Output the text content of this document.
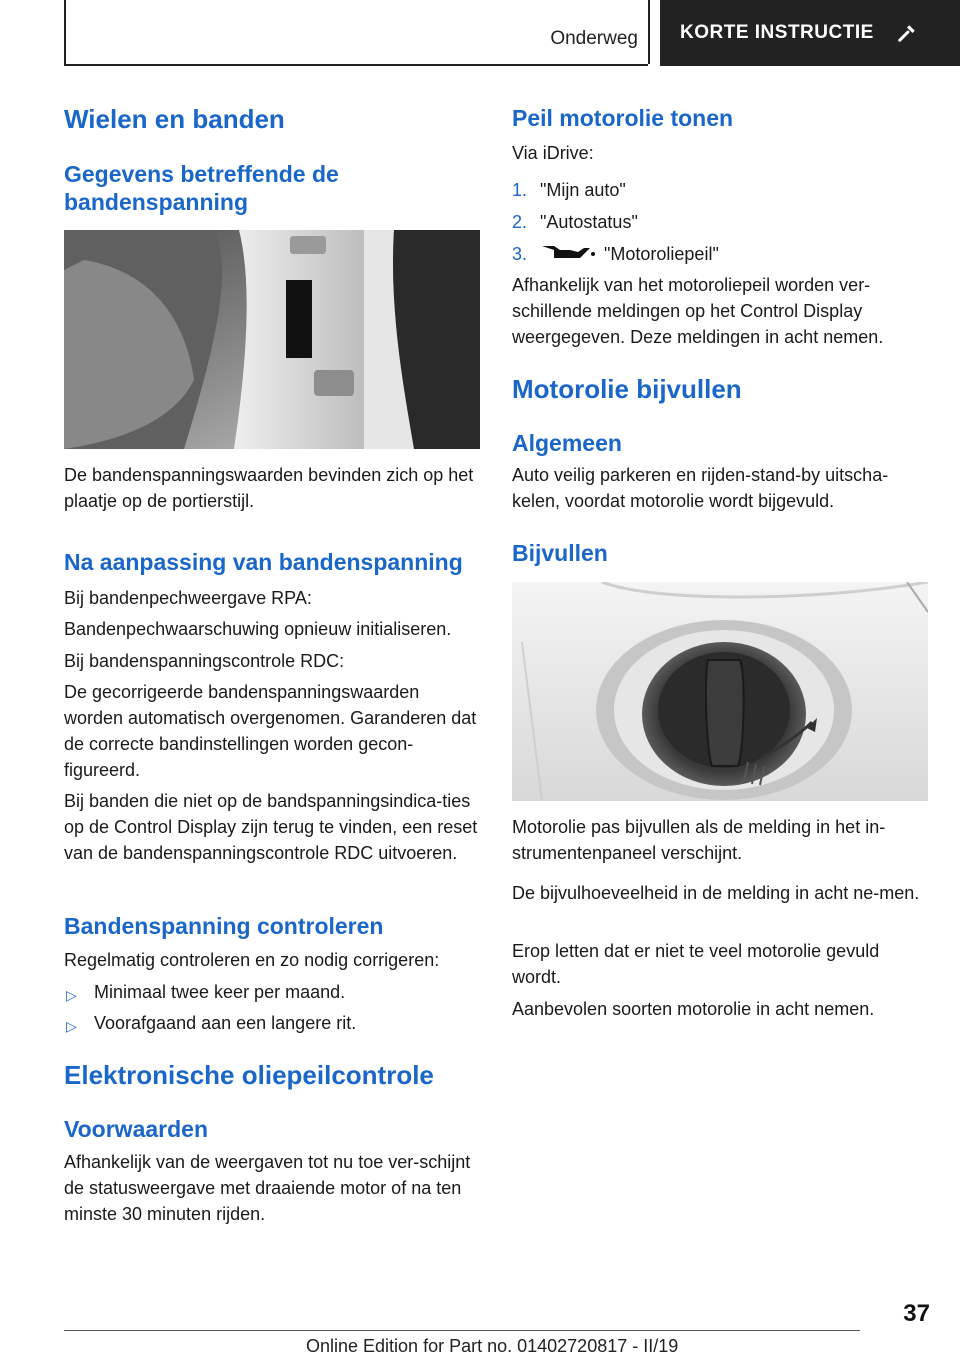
Onderweg KORTE INSTRUCTIE
Wielen en banden
Gegevens betreffende de bandenspanning

De bandenspanningswaarden bevinden zich op het plaatje op de portierstijl.

Na aanpassing van bandenspanning

Bij bandenpechweergave RPA:

Bandenpechwaarschuwing opnieuw initialiseren.

Bij bandenspanningscontrole RDC:

De gecorrigeerde bandenspanningswaarden worden automatisch overgenomen. Garanderen dat de correcte bandinstellingen worden gecon-figureerd.

Bij banden die niet op de bandspanningsindica-ties op de Control Display zijn terug te vinden, een reset van de bandenspanningscontrole RDC uitvoeren.

Bandenspanning controleren

Regelmatig controleren en zo nodig corrigeren:

▷ Minimaal twee keer per maand.
▷ Voorafgaand aan een langere rit.
Elektronische oliepeilcontrole
Voorwaarden

Afhankelijk van de weergaven tot nu toe ver-schijnt de statusweergave met draaiende motor of na ten minste 30 minuten rijden.

Peil motorolie tonen

Via iDrive:

1. "Mijn auto"
2. "Autostatus"
3.	"Motoroliepeil"

Afhankelijk van het motoroliepeil worden ver-schillende meldingen op het Control Display weergegeven. Deze meldingen in acht nemen.

Motorolie bijvullen
Algemeen

Auto veilig parkeren en rijden-stand-by uitscha-kelen, voordat motorolie wordt bijgevuld.

Bijvullen

Motorolie pas bijvullen als de melding in het in-strumentenpaneel verschijnt.

De bijvulhoeveelheid in de melding in acht ne-men.

Erop letten dat er niet te veel motorolie gevuld wordt.

Aanbevolen soorten motorolie in acht nemen.

37
Online Edition for Part no. 01402720817 - II/19
